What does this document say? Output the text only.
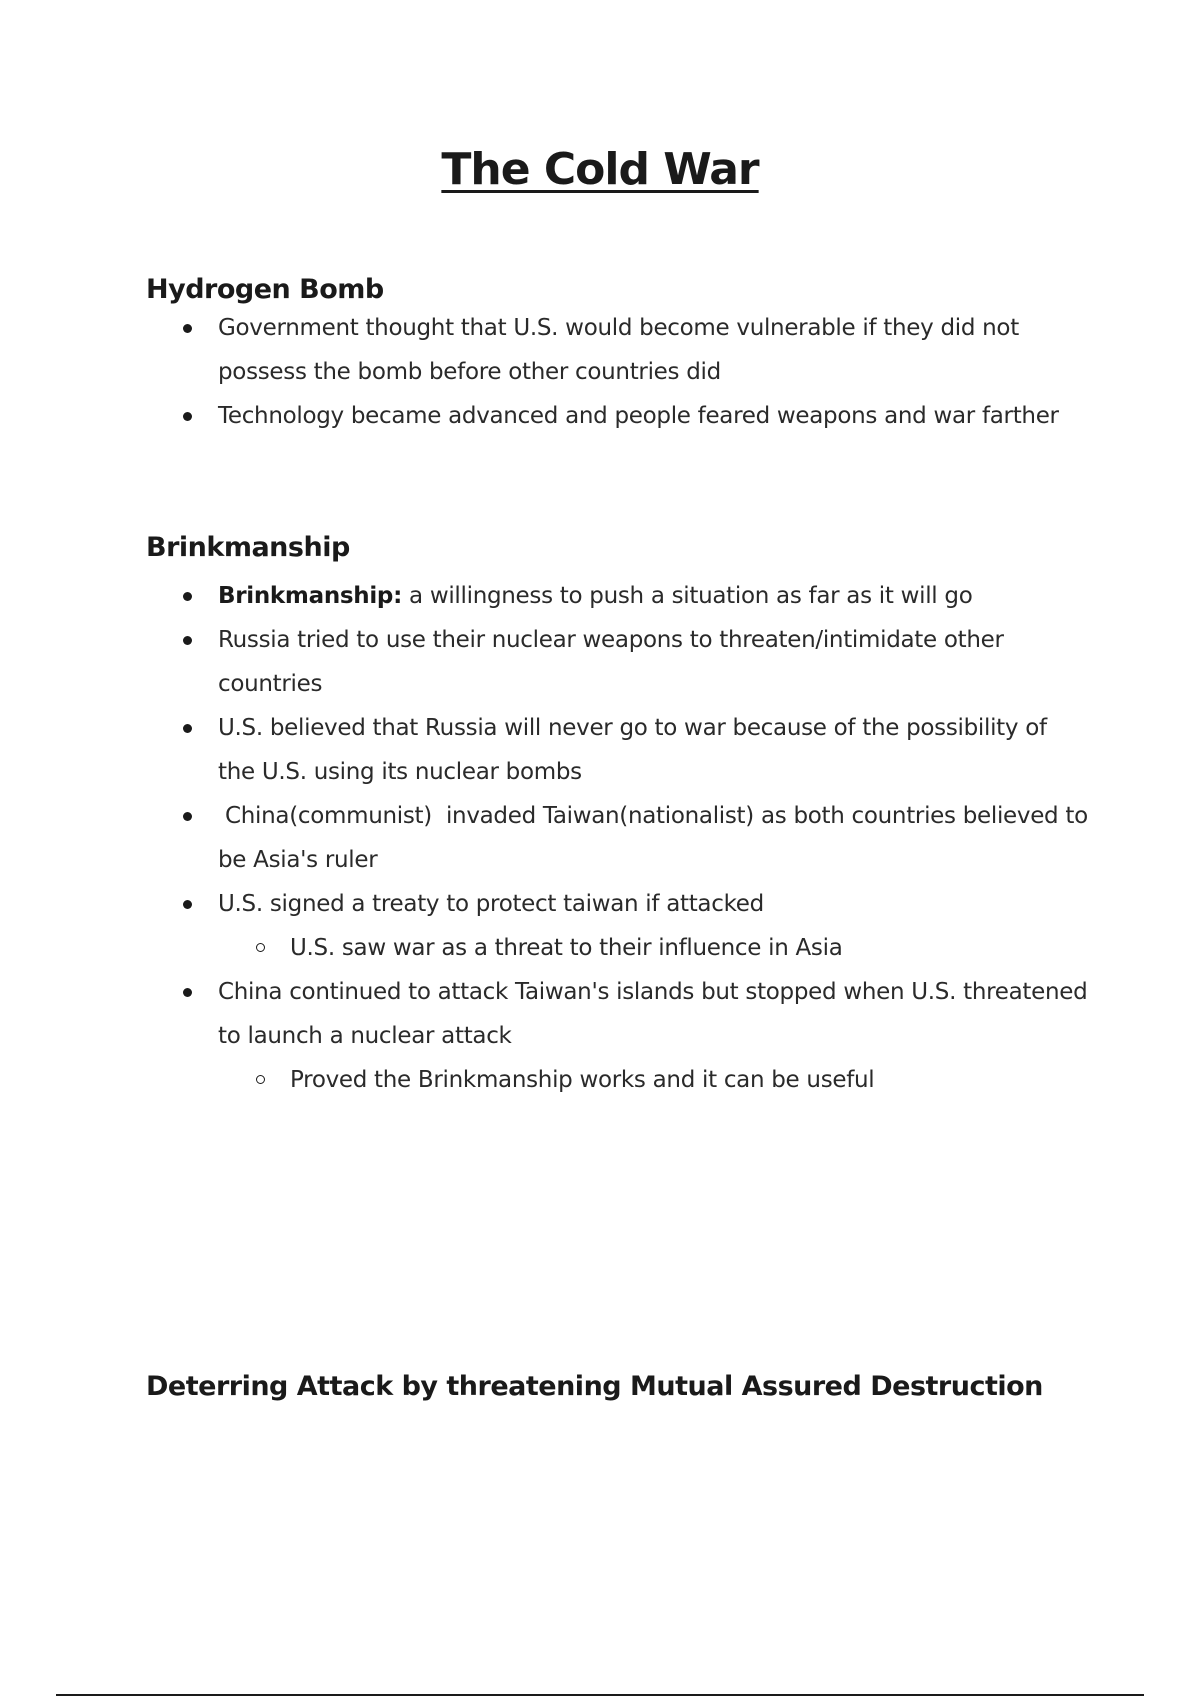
The Cold War
Hydrogen Bomb
Government thought that U.S. would become vulnerable if they did not possess the bomb before other countries did
Technology became advanced and people feared weapons and war farther
Brinkmanship
Brinkmanship: a willingness to push a situation as far as it will go
Russia tried to use their nuclear weapons to threaten/intimidate other countries
U.S. believed that Russia will never go to war because of the possibility of the U.S. using its nuclear bombs
China(communist)  invaded Taiwan(nationalist) as both countries believed to be Asia's ruler
U.S. signed a treaty to protect taiwan if attacked
U.S. saw war as a threat to their influence in Asia
China continued to attack Taiwan's islands but stopped when U.S. threatened to launch a nuclear attack
Proved the Brinkmanship works and it can be useful
Deterring Attack by threatening Mutual Assured Destruction
